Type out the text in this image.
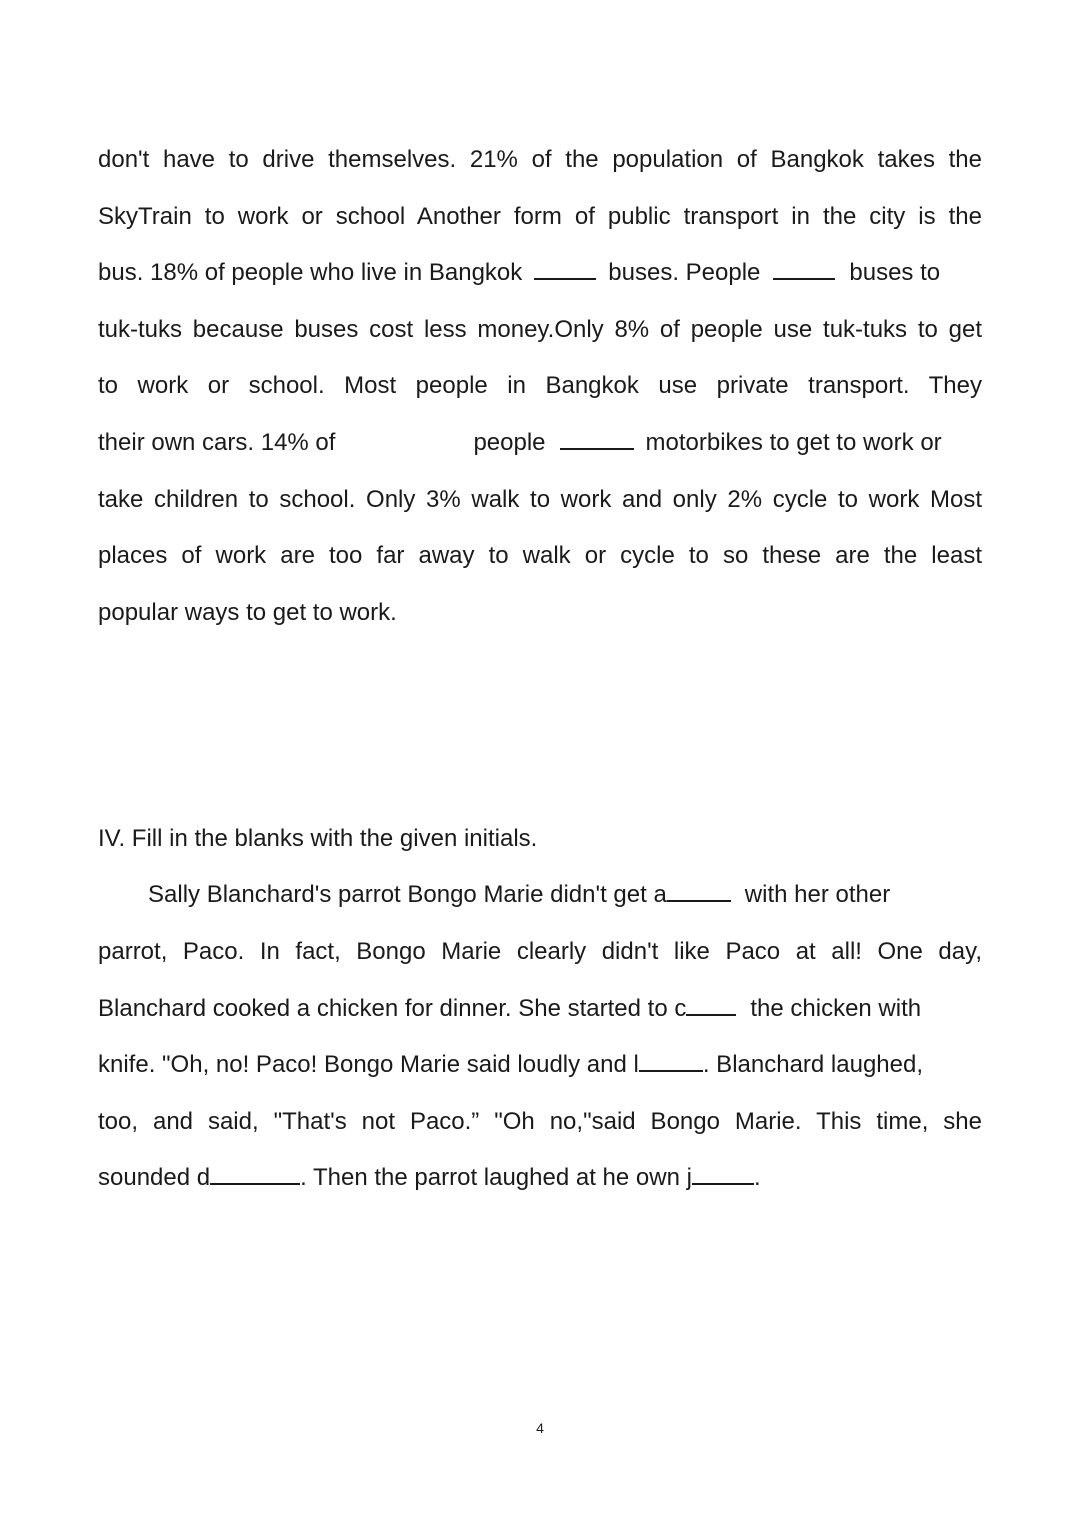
don't have to drive themselves. 21% of the population of Bangkok takes the
SkyTrain to work or school Another form of public transport in the city is the
bus. 18% of people who live in Bangkok	buses. People	buses to
tuk-tuks because buses cost less money.Only 8% of people use tuk-tuks to get
to work or school. Most people in Bangkok use private transport. They
their own cars. 14% of	people	motorbikes to get to work or
take children to school. Only 3% walk to work and only 2% cycle to work Most
places of work are too far away to walk or cycle to so these are the least
popular ways to get to work.
IV. Fill in the blanks with the given initials.
Sally Blanchard's parrot Bongo Marie didn't get a	with her other
parrot, Paco. In fact, Bongo Marie clearly didn't like Paco at all! One day,
Blanchard cooked a chicken for dinner. She started to c	the chicken with
knife. "Oh, no! Paco! Bongo Marie said loudly and l	. Blanchard laughed,
too, and said, "That's not Paco.” "Oh no,"said Bongo Marie. This time, she
sounded d	. Then the parrot laughed at he own j	.
4
